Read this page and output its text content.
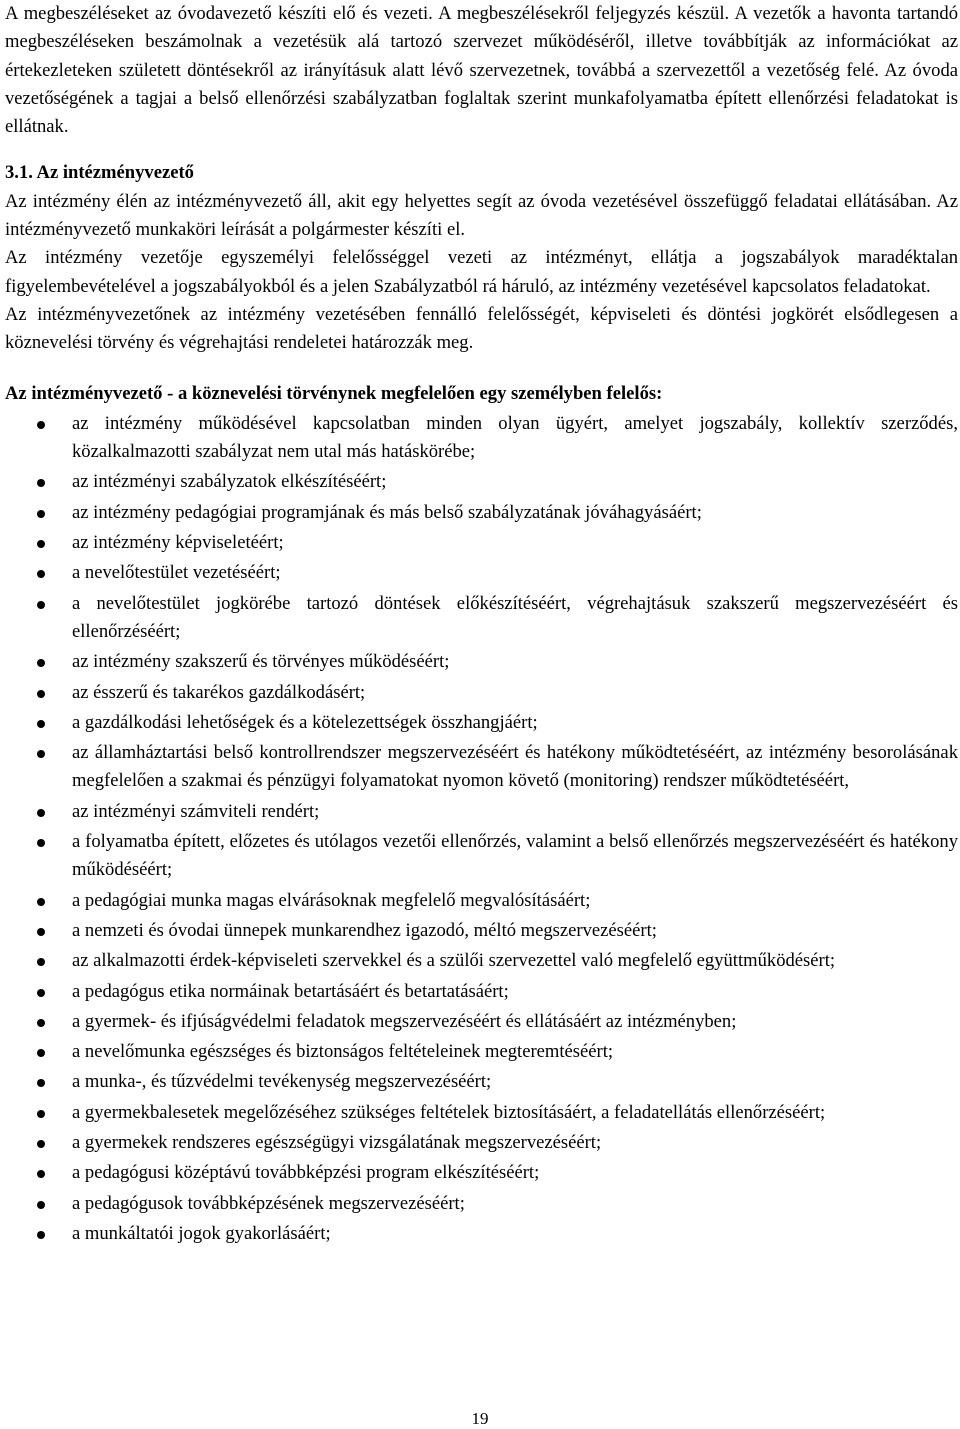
A megbeszéléseket az óvodavezető készíti elő és vezeti. A megbeszélésekről feljegyzés készül. A vezetők a havonta tartandó megbeszéléseken beszámolnak a vezetésük alá tartozó szervezet működéséről, illetve továbbítják az információkat az értekezleteken született döntésekről az irányításuk alatt lévő szervezetnek, továbbá a szervezettől a vezetőség felé. Az óvoda vezetőségének a tagjai a belső ellenőrzési szabályzatban foglaltak szerint munkafolyamatba épített ellenőrzési feladatokat is ellátnak.

3.1. Az intézményvezető

Az intézmény élén az intézményvezető áll, akit egy helyettes segít az óvoda vezetésével összefüggő feladatai ellátásában. Az intézményvezető munkaköri leírását a polgármester készíti el.

Az intézmény vezetője egyszemélyi felelősséggel vezeti az intézményt, ellátja a jogszabályok maradéktalan figyelembevételével a jogszabályokból és a jelen Szabályzatból rá háruló, az intézmény vezetésével kapcsolatos feladatokat.

Az intézményvezetőnek az intézmény vezetésében fennálló felelősségét, képviseleti és döntési jogkörét elsődlegesen a köznevelési törvény és végrehajtási rendeletei határozzák meg.

Az intézményvezető - a köznevelési törvénynek megfelelően egy személyben felelős:
az intézmény működésével kapcsolatban minden olyan ügyért, amelyet jogszabály, kollektív szerződés, közalkalmazotti szabályzat nem utal más hatáskörébe;
az intézményi szabályzatok elkészítéséért;
az intézmény pedagógiai programjának és más belső szabályzatának jóváhagyásáért;
az intézmény képviseletéért;
a nevelőtestület vezetéséért;
a nevelőtestület jogkörébe tartozó döntések előkészítéséért, végrehajtásuk szakszerű megszervezéséért és ellenőrzéséért;
az intézmény szakszerű és törvényes működéséért;
az ésszerű és takarékos gazdálkodásért;
a gazdálkodási lehetőségek és a kötelezettségek összhangjáért;
az államháztartási belső kontrollrendszer megszervezéséért és hatékony működtetéséért, az intézmény besorolásának megfelelően a szakmai és pénzügyi folyamatokat nyomon követő (monitoring) rendszer működtetéséért,
az intézményi számviteli rendért;
a folyamatba épített, előzetes és utólagos vezetői ellenőrzés, valamint a belső ellenőrzés megszervezéséért és hatékony működéséért;
a pedagógiai munka magas elvárásoknak megfelelő megvalósításáért;
a nemzeti és óvodai ünnepek munkarendhez igazodó, méltó megszervezéséért;
az alkalmazotti érdek-képviseleti szervekkel és a szülői szervezettel való megfelelő együttműködésért;
a pedagógus etika normáinak betartásáért és betartatásáért;
a gyermek- és ifjúságvédelmi feladatok megszervezéséért és ellátásáért az intézményben;
a nevelőmunka egészséges és biztonságos feltételeinek megteremtéséért;
a munka-, és tűzvédelmi tevékenység megszervezéséért;
a gyermekbalesetek megelőzéséhez szükséges feltételek biztosításáért, a feladatellátás ellenőrzéséért;
a gyermekek rendszeres egészségügyi vizsgálatának megszervezéséért;
a pedagógusi középtávú továbbképzési program elkészítéséért;
a pedagógusok továbbképzésének megszervezéséért;
a munkáltatói jogok gyakorlásáért;
19
